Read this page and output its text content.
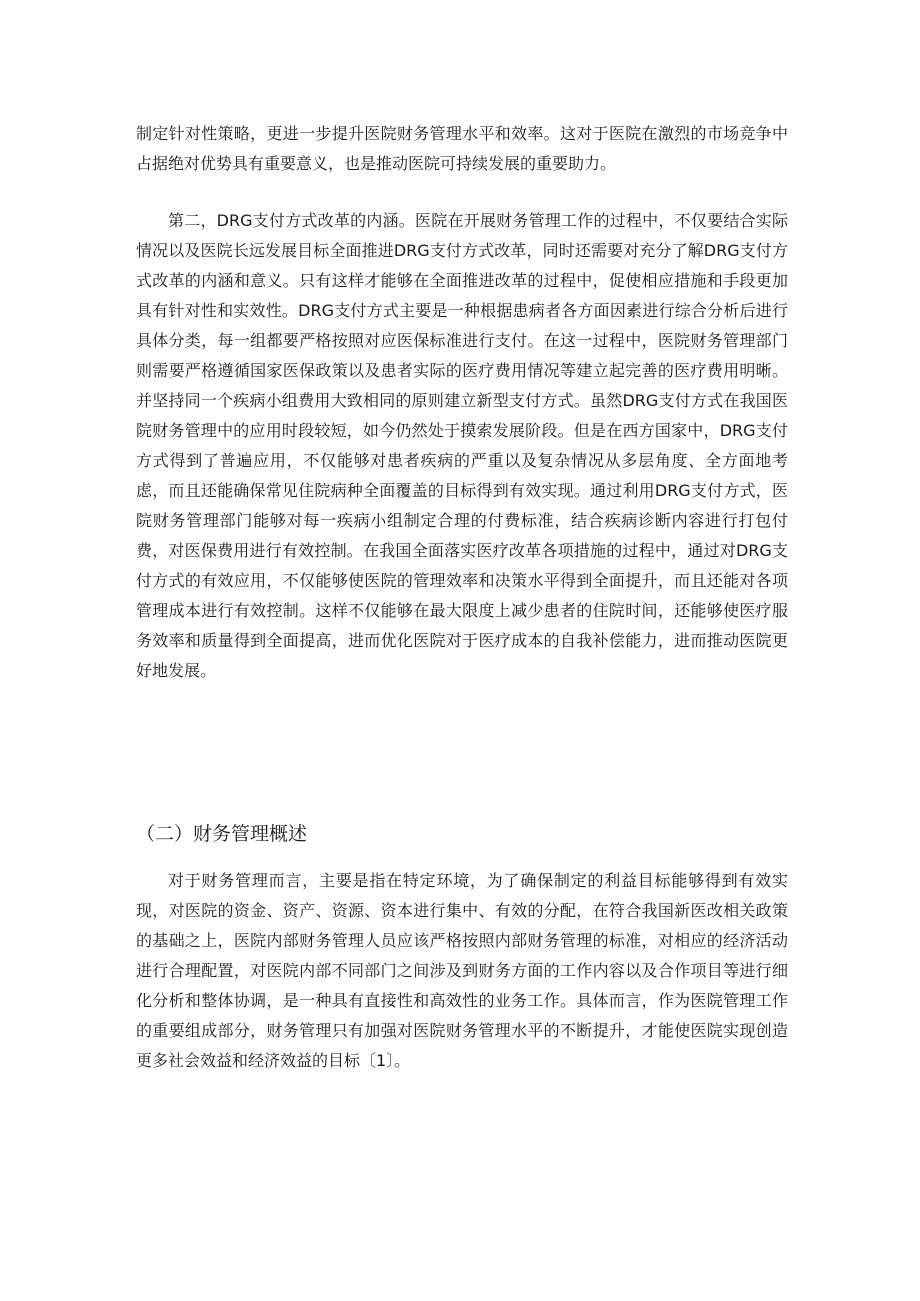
制定针对性策略，更进一步提升医院财务管理水平和效率。这对于医院在激烈的市场竞争中占据绝对优势具有重要意义，也是推动医院可持续发展的重要助力。

第二，DRG支付方式改革的内涵。医院在开展财务管理工作的过程中，不仅要结合实际情况以及医院长远发展目标全面推进DRG支付方式改革，同时还需要对充分了解DRG支付方式改革的内涵和意义。只有这样才能够在全面推进改革的过程中，促使相应措施和手段更加具有针对性和实效性。DRG支付方式主要是一种根据患病者各方面因素进行综合分析后进行具体分类，每一组都要严格按照对应医保标准进行支付。在这一过程中，医院财务管理部门则需要严格遵循国家医保政策以及患者实际的医疗费用情况等建立起完善的医疗费用明晰。并坚持同一个疾病小组费用大致相同的原则建立新型支付方式。虽然DRG支付方式在我国医院财务管理中的应用时段较短，如今仍然处于摸索发展阶段。但是在西方国家中，DRG支付方式得到了普遍应用，不仅能够对患者疾病的严重以及复杂情况从多层角度、全方面地考虑，而且还能确保常见住院病种全面覆盖的目标得到有效实现。通过利用DRG支付方式，医院财务管理部门能够对每一疾病小组制定合理的付费标准，结合疾病诊断内容进行打包付费，对医保费用进行有效控制。在我国全面落实医疗改革各项措施的过程中，通过对DRG支付方式的有效应用，不仅能够使医院的管理效率和决策水平得到全面提升，而且还能对各项管理成本进行有效控制。这样不仅能够在最大限度上减少患者的住院时间，还能够使医疗服务效率和质量得到全面提高，进而优化医院对于医疗成本的自我补偿能力，进而推动医院更好地发展。

（二）财务管理概述

对于财务管理而言，主要是指在特定环境，为了确保制定的利益目标能够得到有效实现，对医院的资金、资产、资源、资本进行集中、有效的分配，在符合我国新医改相关政策的基础之上，医院内部财务管理人员应该严格按照内部财务管理的标准，对相应的经济活动进行合理配置，对医院内部不同部门之间涉及到财务方面的工作内容以及合作项目等进行细化分析和整体协调，是一种具有直接性和高效性的业务工作。具体而言，作为医院管理工作的重要组成部分，财务管理只有加强对医院财务管理水平的不断提升，才能使医院实现创造更多社会效益和经济效益的目标〔1〕。
